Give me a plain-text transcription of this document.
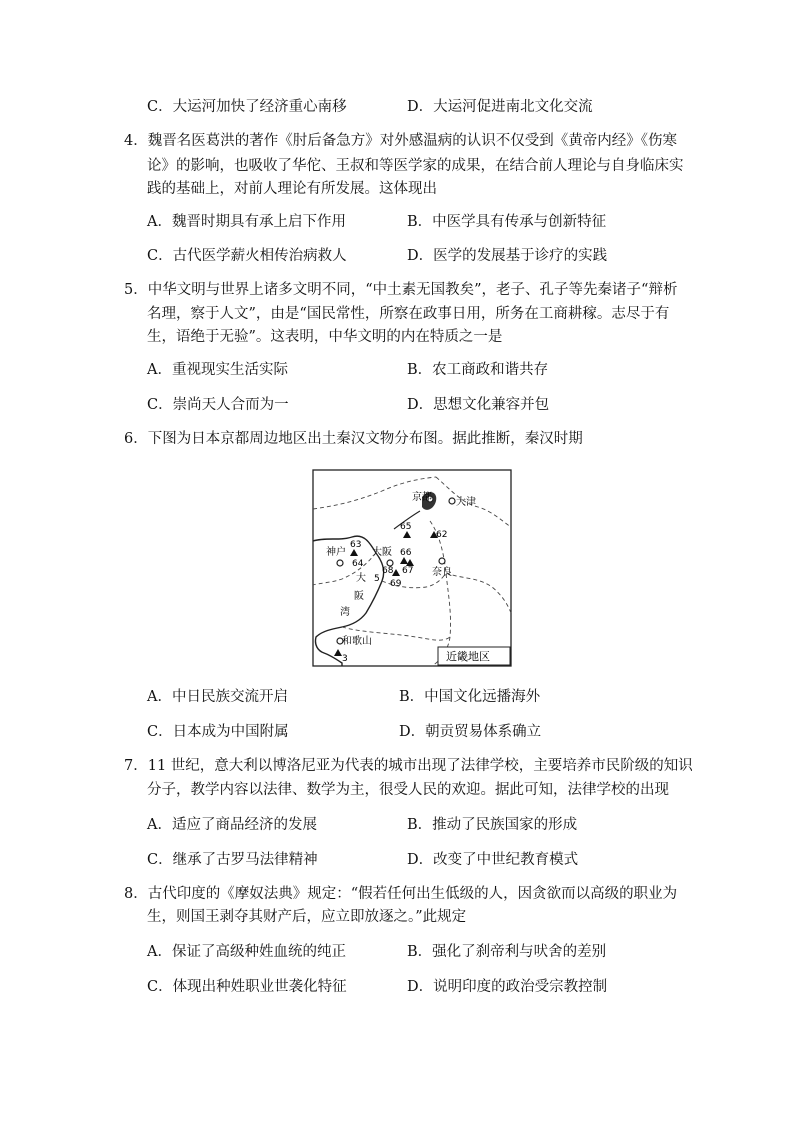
C．大运河加快了经济重心南移	D．大运河促进南北文化交流
4．魏晋名医葛洪的著作《肘后备急方》对外感温病的认识不仅受到《黄帝内经》《伤寒
论》的影响，也吸收了华佗、王叔和等医学家的成果，在结合前人理论与自身临床实
践的基础上，对前人理论有所发展。这体现出
A．魏晋时期具有承上启下作用	B．中医学具有传承与创新特征
C．古代医学薪火相传治病救人	D．医学的发展基于诊疗的实践
5．中华文明与世界上诸多文明不同，“中土素无国教矣”，老子、孔子等先秦诸子“辩析
名理，察于人文”，由是“国民常性，所察在政事日用，所务在工商耕稼。志尽于有
生，语绝于无验”。这表明，中华文明的内在特质之一是
A．重视现实生活实际	B．农工商政和谐共存
C．崇尚天人合而为一	D．思想文化兼容并包
6．下图为日本京都周边地区出土秦汉文物分布图。据此推断，秦汉时期
京都 大津
大阪
神户
奈良
和歌山
大
阪
湾
65
62
63
64
66
67
68
69
5
3	近畿地区
A．中日民族交流开启	B．中国文化远播海外
C．日本成为中国附属	D．朝贡贸易体系确立
7．11 世纪，意大利以博洛尼亚为代表的城市出现了法律学校，主要培养市民阶级的知识
分子，教学内容以法律、数学为主，很受人民的欢迎。据此可知，法律学校的出现
A．适应了商品经济的发展	B．推动了民族国家的形成
C．继承了古罗马法律精神	D．改变了中世纪教育模式
8．古代印度的《摩奴法典》规定：“假若任何出生低级的人，因贪欲而以高级的职业为
生，则国王剥夺其财产后，应立即放逐之。”此规定
A．保证了高级种姓血统的纯正	B．强化了刹帝利与吠舍的差别
C．体现出种姓职业世袭化特征	D．说明印度的政治受宗教控制
